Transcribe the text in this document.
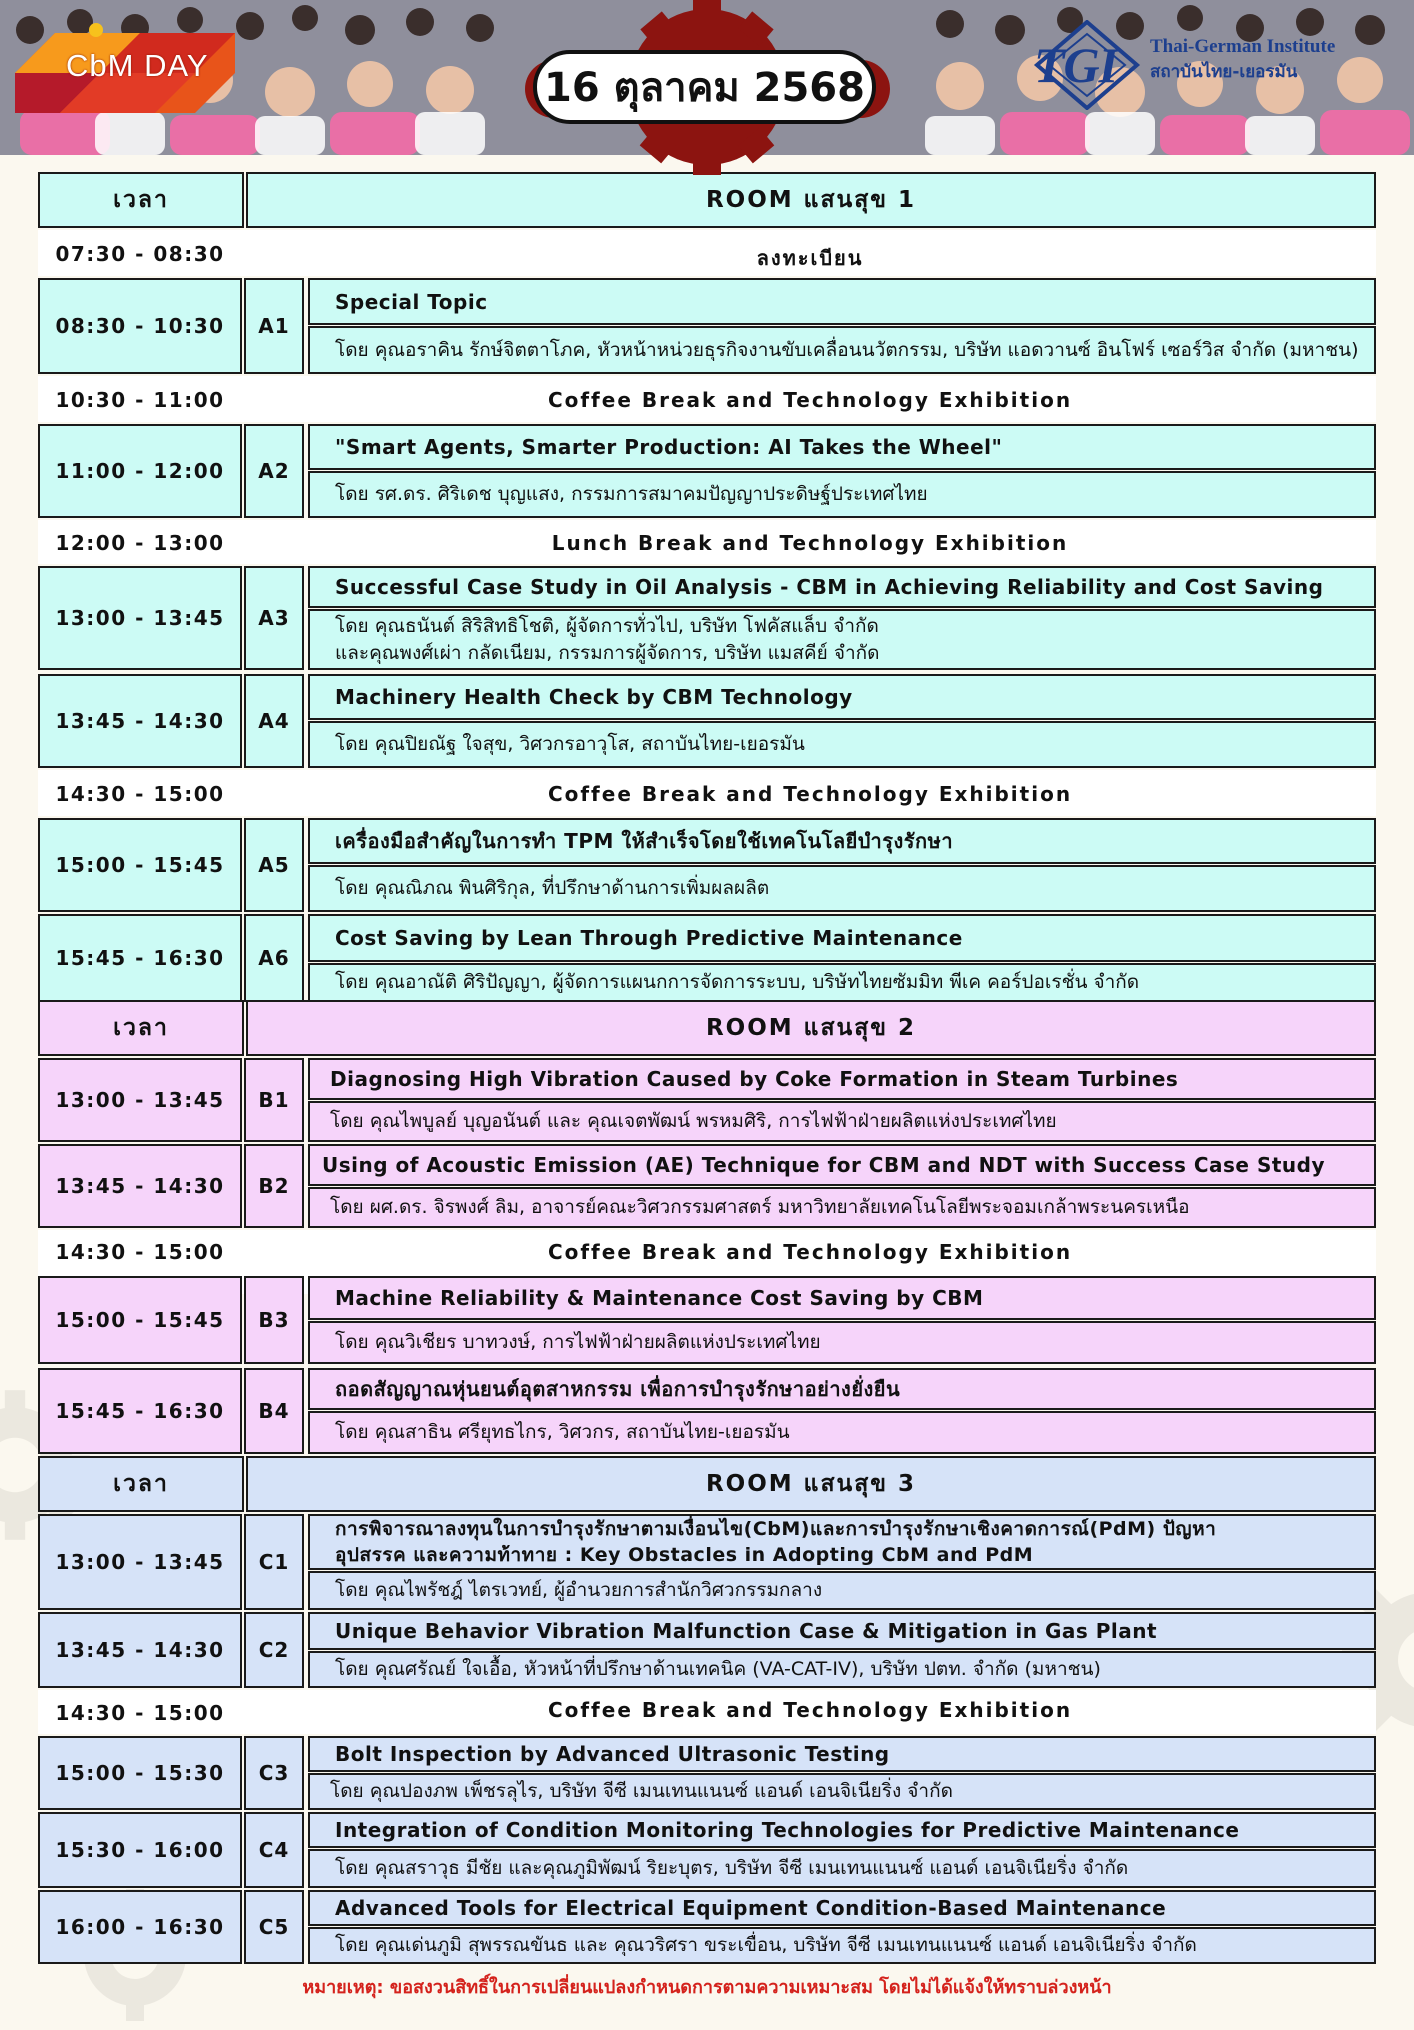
CbM DAY	TGI Thai-German Institute
สถาบันไทย-เยอรมัน
16 ตุลาคม 2568
เวลา	ROOM แสนสุข 1
07:30 - 08:30	ลงทะเบียน
08:30 - 10:30	A1
Special Topic
โดย คุณอราคิน รักษ์จิตตาโภค, หัวหน้าหน่วยธุรกิจงานขับเคลื่อนนวัตกรรม, บริษัท แอดวานซ์ อินโฟร์ เซอร์วิส จำกัด (มหาชน)
10:30 - 11:00	Coffee Break and Technology Exhibition
11:00 - 12:00	A2
"Smart Agents, Smarter Production: AI Takes the Wheel"
โดย รศ.ดร. ศิริเดช บุญแสง, กรรมการสมาคมปัญญาประดิษฐ์ประเทศไทย
12:00 - 13:00	Lunch Break and Technology Exhibition
13:00 - 13:45	A3
Successful Case Study in Oil Analysis - CBM in Achieving Reliability and Cost Saving
โดย คุณธนันต์ สิริสิทธิโชติ, ผู้จัดการทั่วไป, บริษัท โฟคัสแล็บ จำกัด
และคุณพงศ์เผ่า กลัดเนียม, กรรมการผู้จัดการ, บริษัท แมสคีย์ จำกัด
13:45 - 14:30	A4
Machinery Health Check by CBM Technology
โดย คุณปิยณัฐ ใจสุข, วิศวกรอาวุโส, สถาบันไทย-เยอรมัน
14:30 - 15:00	Coffee Break and Technology Exhibition
15:00 - 15:45	A5
เครื่องมือสำคัญในการทำ TPM ให้สำเร็จโดยใช้เทคโนโลยีบำรุงรักษา
โดย คุณณิภณ พินศิริกุล, ที่ปรึกษาด้านการเพิ่มผลผลิต
15:45 - 16:30	A6
Cost Saving by Lean Through Predictive Maintenance
โดย คุณอาณัติ ศิริปัญญา, ผู้จัดการแผนกการจัดการระบบ, บริษัทไทยซัมมิท พีเค คอร์ปอเรชั่น จำกัด
เวลา	ROOM แสนสุข 2
13:00 - 13:45	B1
Diagnosing High Vibration Caused by Coke Formation in Steam Turbines
โดย คุณไพบูลย์ บุญอนันต์ และ คุณเจตพัฒน์ พรหมศิริ, การไฟฟ้าฝ่ายผลิตแห่งประเทศไทย
13:45 - 14:30	B2
Using of Acoustic Emission (AE) Technique for CBM and NDT with Success Case Study
โดย ผศ.ดร. จิรพงศ์ ลิม, อาจารย์คณะวิศวกรรมศาสตร์ มหาวิทยาลัยเทคโนโลยีพระจอมเกล้าพระนครเหนือ
14:30 - 15:00	Coffee Break and Technology Exhibition
15:00 - 15:45	B3
Machine Reliability & Maintenance Cost Saving by CBM
โดย คุณวิเชียร บาทวงษ์, การไฟฟ้าฝ่ายผลิตแห่งประเทศไทย
15:45 - 16:30	B4
ถอดสัญญาณหุ่นยนต์อุตสาหกรรม เพื่อการบำรุงรักษาอย่างยั่งยืน
โดย คุณสาธิน ศรียุทธไกร, วิศวกร, สถาบันไทย-เยอรมัน
เวลา	ROOM แสนสุข 3
13:00 - 13:45	C1
การพิจารณาลงทุนในการบำรุงรักษาตามเงื่อนไข(CbM)และการบำรุงรักษาเชิงคาดการณ์(PdM) ปัญหา
อุปสรรค และความท้าทาย : Key Obstacles in Adopting CbM and PdM
โดย คุณไพรัชฎ์ ไตรเวทย์, ผู้อำนวยการสำนักวิศวกรรมกลาง
13:45 - 14:30	C2
Unique Behavior Vibration Malfunction Case & Mitigation in Gas Plant
โดย คุณศรัณย์ ใจเอื้อ, หัวหน้าที่ปรึกษาด้านเทคนิค (VA-CAT-IV), บริษัท ปตท. จำกัด (มหาชน)
14:30 - 15:00	Coffee Break and Technology Exhibition
15:00 - 15:30	C3
Bolt Inspection by Advanced Ultrasonic Testing
โดย คุณปองภพ เพ็ชรลุไร, บริษัท จีซี เมนเทนแนนซ์ แอนด์ เอนจิเนียริ่ง จำกัด
15:30 - 16:00	C4
Integration of Condition Monitoring Technologies for Predictive Maintenance
โดย คุณสราวุธ มีชัย และคุณภูมิพัฒน์ ริยะบุตร, บริษัท จีซี เมนเทนแนนซ์ แอนด์ เอนจิเนียริ่ง จำกัด
16:00 - 16:30	C5
Advanced Tools for Electrical Equipment Condition-Based Maintenance
โดย คุณเด่นภูมิ สุพรรณขันธ และ คุณวริศรา ขระเขื่อน, บริษัท จีซี เมนเทนแนนซ์ แอนด์ เอนจิเนียริ่ง จำกัด
หมายเหตุ: ขอสงวนสิทธิ์ในการเปลี่ยนแปลงกำหนดการตามความเหมาะสม โดยไม่ได้แจ้งให้ทราบล่วงหน้า
